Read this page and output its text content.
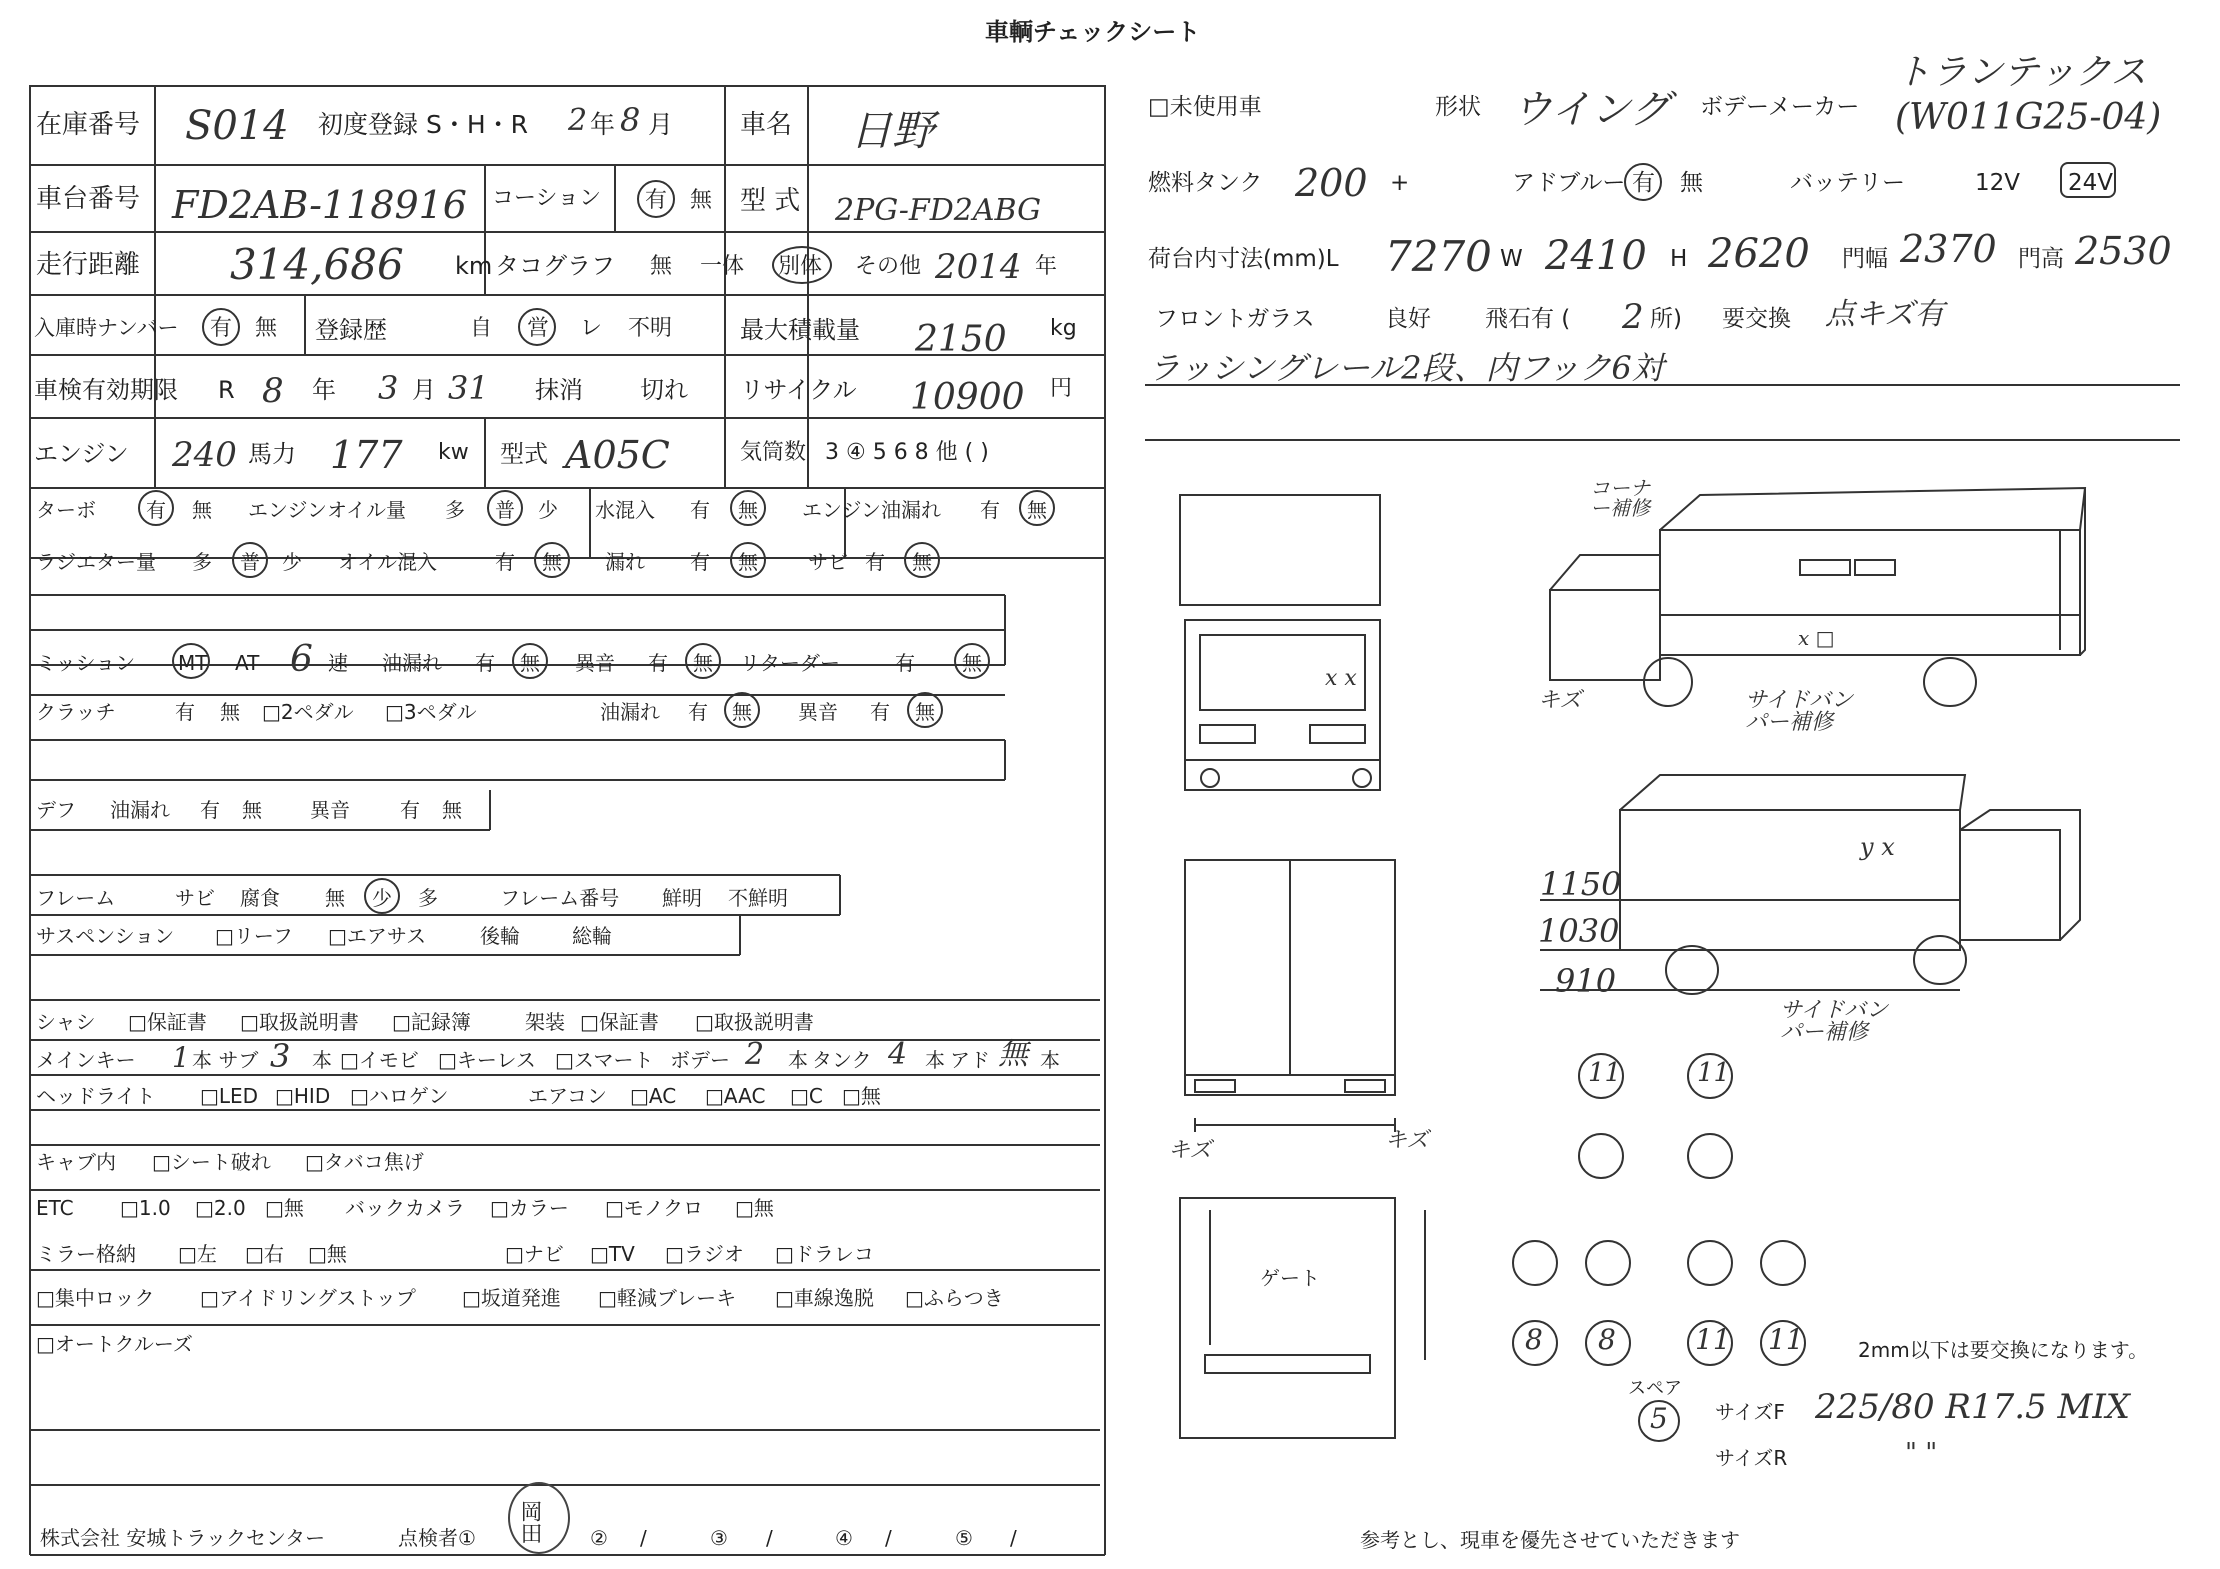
車輌チェックシート
在庫番号 S014 初度登録 S・H・R 2 年 8 月	車名 日野
車台番号 FD2AB-118916 コーション 有 無 型 式 2PG-FD2ABG
走行距離 314,686 km タコグラフ 無 一体 別体 その他 2014 年
入庫時ナンバー 有 無 登録歴	自 営 レ 不明	最大積載量 2150 kg
車検有効期限 R 8 年 3 月 31 抹消 切れ リサイクル 10900 円
エンジン 240 馬力 177 kw 型式 A05C	気筒数 3 ④ 5 6 8 他 ( )
ターボ	有 無 エンジンオイル量 多 普 少 水混入 有 無 エンジン油漏れ 有 無
ラジエター量 多 普 少 オイル混入	有 無 漏れ 有 無	サビ 有 無
ミッション MT AT 6 速 油漏れ 有 無 異音 有 無 リターダー	有 無
クラッチ	有 無 □2ペダル □3ペダル	油漏れ 有 無 異音 有 無
デフ 油漏れ 有 無 異音	有 無
フレーム	サビ 腐食 無 少 多	フレーム番号 鮮明 不鮮明
サスペンション □リーフ □エアサス	後輪	総輪
シャシ □保証書 □取扱説明書 □記録簿	架装 □保証書 □取扱説明書
メインキー 1 本 サブ 3 本 □イモビ □キーレス □スマート ボデー 2 本 タンク 4 本 アド 無 本
ヘッドライト □LED □HID □ハロゲン	エアコン □AC □AAC □C □無
キャブ内 □シート破れ □タバコ焦げ
ETC □1.0 □2.0 □無 バックカメラ □カラー □モノクロ □無
ミラー格納 □左 □右 □無	□ナビ □TV □ラジオ □ドラレコ
□集中ロック □アイドリングストップ □坂道発進 □軽減ブレーキ □車線逸脱 □ふらつき
□オートクルーズ
株式会社 安城トラックセンター	点検者① 岡田 ② /	③ /	④ /	⑤ /
□未使用車	形状 ウイング ボデーメーカー
トランテックス
(W011G25-04)
燃料タンク 200 +	アドブルー 有 無	バッテリー	12V 24V
荷台内寸法(mm)L 7270 W 2410 H 2620 門幅 2370 門高 2530
フロントガラス	良好 飛石有 ( 2 所) 要交換 点キズ有
ラッシングレール2段、内フック6対
x x
コーナー補修
x □
キズ	サイドバンパー補修
y x
1150
1030
910
サイドバンパー補修
キズ	キズ
ゲート
11	11
8 8	11 11	2mm以下は要交換になります。
スペア
5 サイズF 225/80 R17.5 MIX
サイズR	" "
参考とし、現車を優先させていただきます
